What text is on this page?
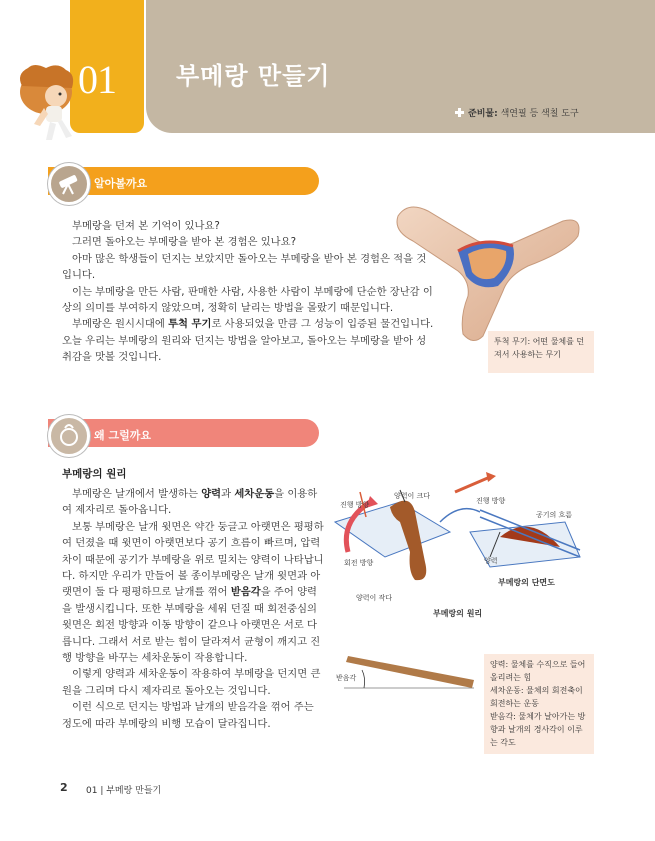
01	부메랑 만들기
준비물: 색연필 등 색칠 도구
알아볼까요

부메랑을 던져 본 기억이 있나요?

그러면 돌아오는 부메랑을 받아 본 경험은 있나요?

아마 많은 학생들이 던지는 보았지만 돌아오는 부메랑을 받아 본 경험은 적을 것입니다.

이는 부메랑을 만든 사람, 판매한 사람, 사용한 사람이 부메랑에 단순한 장난감 이상의 의미를 부여하지 않았으며, 정확히 날리는 방법을 몰랐기 때문입니다.

부메랑은 원시시대에 투척 무기로 사용되었을 만큼 그 성능이 입증된 물건입니다. 오늘 우리는 부메랑의 원리와 던지는 방법을 알아보고, 돌아오는 부메랑을 받아 성취감을 맛볼 것입니다.

투척 무기: 어떤 물체를 던
져서 사용하는 무기
왜 그럴까요
부메랑의 원리

부메랑은 날개에서 발생하는 양력과 세차운동을 이용하여 제자리로 돌아옵니다.

보통 부메랑은 날개 윗면은 약간 둥글고 아랫면은 평평하여 던졌을 때 윗면이 아랫면보다 공기 흐름이 빠르며, 압력 차이 때문에 공기가 부메랑을 위로 밀치는 양력이 나타납니다. 하지만 우리가 만들어 볼 종이부메랑은 날개 윗면과 아랫면이 둘 다 평평하므로 날개를 꺾어 받음각을 주어 양력을 발생시킵니다. 또한 부메랑을 세워 던질 때 회전중심의 윗면은 회전 방향과 이동 방향이 같으나 아랫면은 서로 다릅니다. 그래서 서로 받는 힘이 달라져서 균형이 깨지고 진행 방향을 바꾸는 세차운동이 작용합니다.

이렇게 양력과 세차운동이 작용하여 부메랑을 던지면 큰 원을 그리며 다시 제자리로 돌아오는 것입니다.

이런 식으로 던지는 방법과 날개의 받음각을 꺾어 주는 정도에 따라 부메랑의 비행 모습이 달라집니다.

양력이 크다
진행 방향
회전 방향
양력이 작다
부메랑의 원리
진행 방향
공기의 흐름
양력
부메랑의 단면도
받음각
양력: 물체를 수직으로 들어
올리려는 힘
세차운동: 물체의 회전축이
회전하는 운동
받음각: 물체가 날아가는 방
향과 날개의 경사각이 이루
는 각도
2 01 | 부메랑 만들기
